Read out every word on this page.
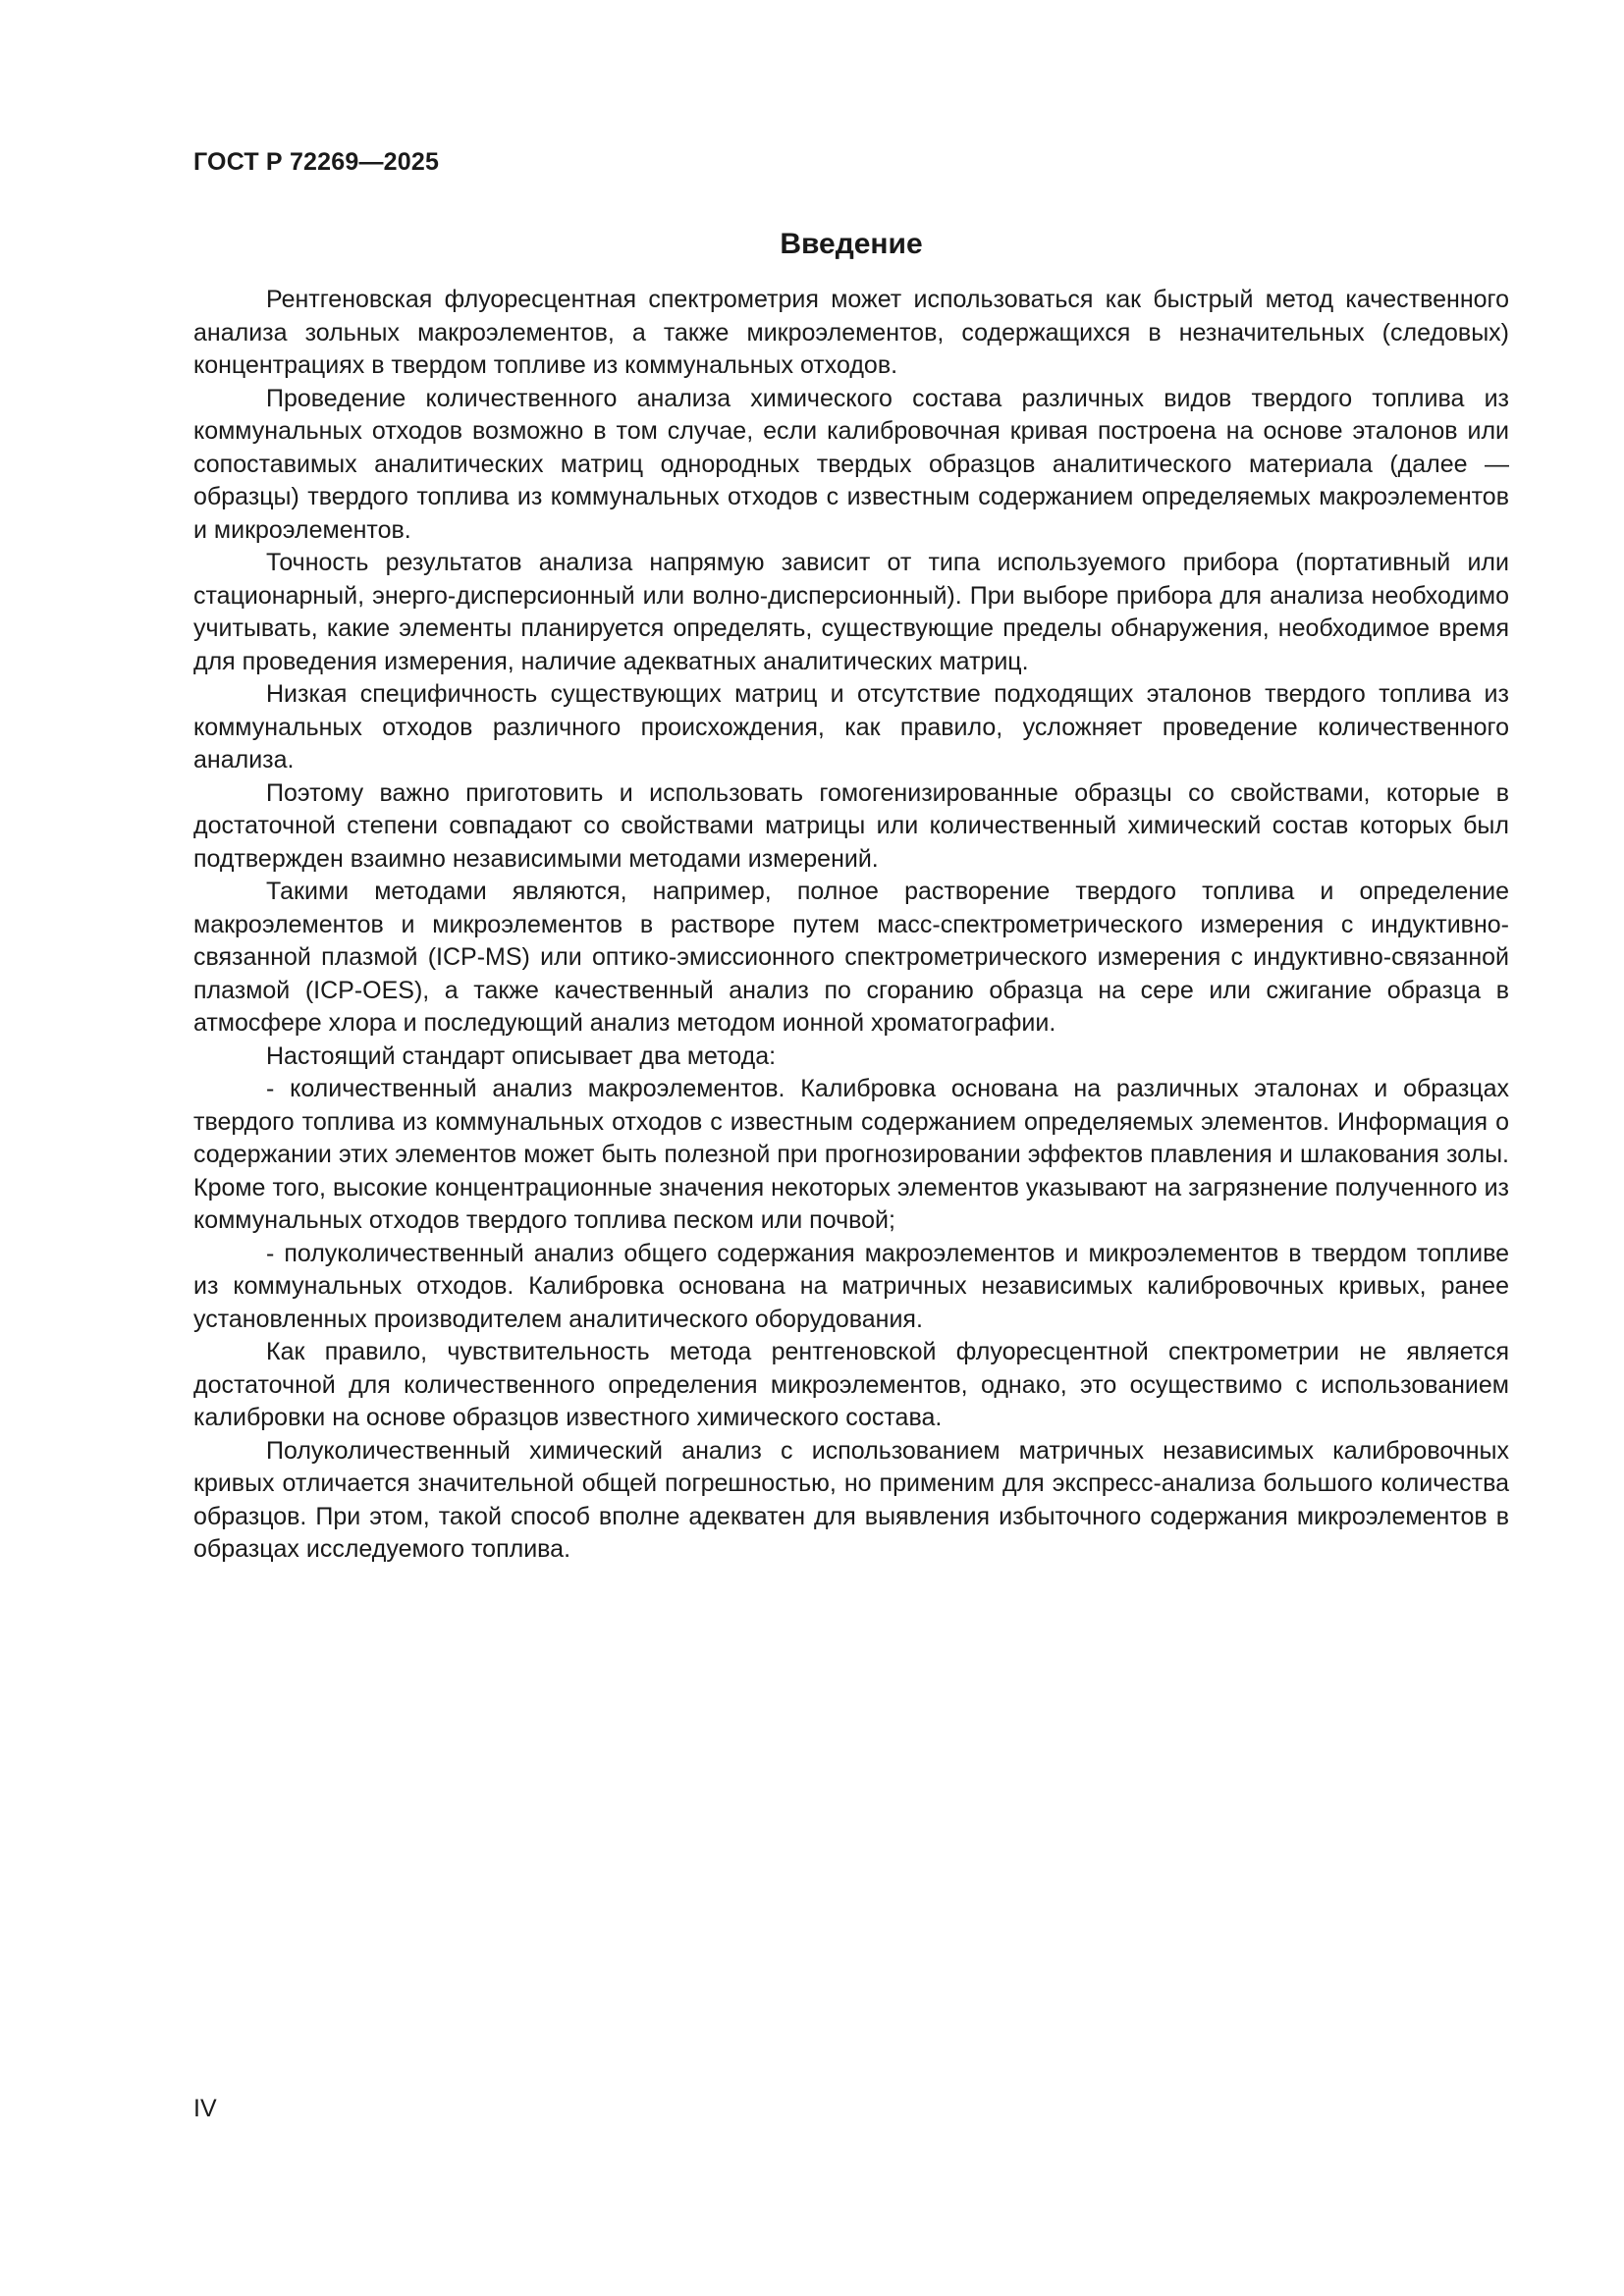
ГОСТ Р 72269—2025
Введение

Рентгеновская флуоресцентная спектрометрия может использоваться как быстрый метод качественного анализа зольных макроэлементов, а также микроэлементов, содержащихся в незначительных (следовых) концентрациях в твердом топливе из коммунальных отходов.

Проведение количественного анализа химического состава различных видов твердого топлива из коммунальных отходов возможно в том случае, если калибровочная кривая построена на основе эталонов или сопоставимых аналитических матриц однородных твердых образцов аналитического материала (далее — образцы) твердого топлива из коммунальных отходов с известным содержанием определяемых макроэлементов и микроэлементов.

Точность результатов анализа напрямую зависит от типа используемого прибора (портативный или стационарный, энерго-дисперсионный или волно-дисперсионный). При выборе прибора для анализа необходимо учитывать, какие элементы планируется определять, существующие пределы обнаружения, необходимое время для проведения измерения, наличие адекватных аналитических матриц.

Низкая специфичность существующих матриц и отсутствие подходящих эталонов твердого топлива из коммунальных отходов различного происхождения, как правило, усложняет проведение количественного анализа.

Поэтому важно приготовить и использовать гомогенизированные образцы со свойствами, которые в достаточной степени совпадают со свойствами матрицы или количественный химический состав которых был подтвержден взаимно независимыми методами измерений.

Такими методами являются, например, полное растворение твердого топлива и определение макроэлементов и микроэлементов в растворе путем масс-спектрометрического измерения с индуктивно-связанной плазмой (ICP-MS) или оптико-эмиссионного спектрометрического измерения с индуктивно-связанной плазмой (ICP-OES), а также качественный анализ по сгоранию образца на сере или сжигание образца в атмосфере хлора и последующий анализ методом ионной хроматографии.

Настоящий стандарт описывает два метода:

- количественный анализ макроэлементов. Калибровка основана на различных эталонах и образцах твердого топлива из коммунальных отходов с известным содержанием определяемых элементов. Информация о содержании этих элементов может быть полезной при прогнозировании эффектов плавления и шлакования золы. Кроме того, высокие концентрационные значения некоторых элементов указывают на загрязнение полученного из коммунальных отходов твердого топлива песком или почвой;

- полуколичественный анализ общего содержания макроэлементов и микроэлементов в твердом топливе из коммунальных отходов. Калибровка основана на матричных независимых калибровочных кривых, ранее установленных производителем аналитического оборудования.

Как правило, чувствительность метода рентгеновской флуоресцентной спектрометрии не является достаточной для количественного определения микроэлементов, однако, это осуществимо с использованием калибровки на основе образцов известного химического состава.

Полуколичественный химический анализ с использованием матричных независимых калибровочных кривых отличается значительной общей погрешностью, но применим для экспресс-анализа большого количества образцов. При этом, такой способ вполне адекватен для выявления избыточного содержания микроэлементов в образцах исследуемого топлива.

IV
